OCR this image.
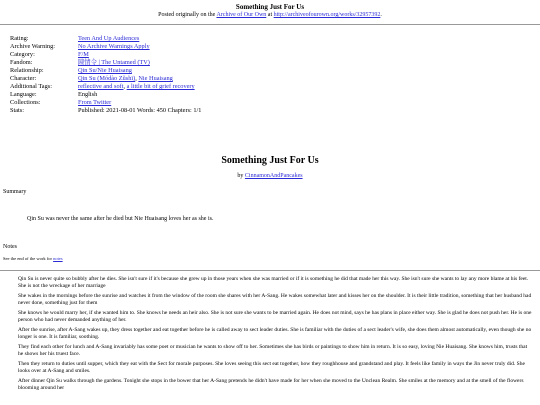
Something Just For Us
Posted originally on the Archive of Our Own at http://archiveofourown.org/works/32957392.
Rating:	Teen And Up Audiences
Archive Warning:	No Archive Warnings Apply
Category:	F/M
Fandom:	陳情令 | The Untamed (TV)
Relationship:	Qin Su/Nie Huaisang
Character:	Qin Su (Módào Zǔshī), Nie Huaisang
Additional Tags:	reflective and soft, a little bit of grief recovery
Language:	English
Collections:	From Twitter
Stats:	Published: 2021-08-01 Words: 450 Chapters: 1/1
Something Just For Us
by CinnamonAndPancakes
Summary
Qin Su was never the same after he died but Nie Huaisang loves her as she is.
Notes
See the end of the work for notes

Qin Su is never quite so bubbly after he dies. She isn't sure if it's because she grew up in those years when she was married or if it is something he did that made her this way. She isn't sure she wants to lay any more blame at his feet. She is not the wreckage of her marriage

She wakes in the mornings before the sunrise and watches it from the window of the room she shares with her A-Sang. He wakes somewhat later and kisses her on the shoulder. It is their little tradition, something that her husband had never done, something just for them

She knows he would marry her, if she wanted him to. She knows he needs an heir also. She is not sure she wants to be married again. He does not mind, says he has plans in place either way. She is glad he does not push her. He is one person who had never demanded anything of her.

After the sunrise, after A-Sang wakes up, they dress together and eat together before he is called away to sect leader duties. She is familiar with the duties of a sect leader's wife, she does them almost automatically, even though she no longer is one. It is familiar, soothing.

They find each other for lunch and A-Sang invariably has some poet or musician he wants to show off to her. Sometimes she has birds or paintings to show him in return. It is so easy, loving Nie Huaisang. She knows him, trusts that he shows her his truest face.

Then they return to duties until supper, which they eat with the Sect for morale purposes. She loves seeing this sect eat together, how they roughhouse and grandstand and play. It feels like family in ways the Jin never truly did. She looks over at A-Sang and smiles.

After dinner Qin Su walks through the gardens. Tonight she stops in the bower that her A-Sang pretends he didn't have made for her when she moved to the Unclean Realm. She smiles at the memory and at the smell of the flowers blooming around her
